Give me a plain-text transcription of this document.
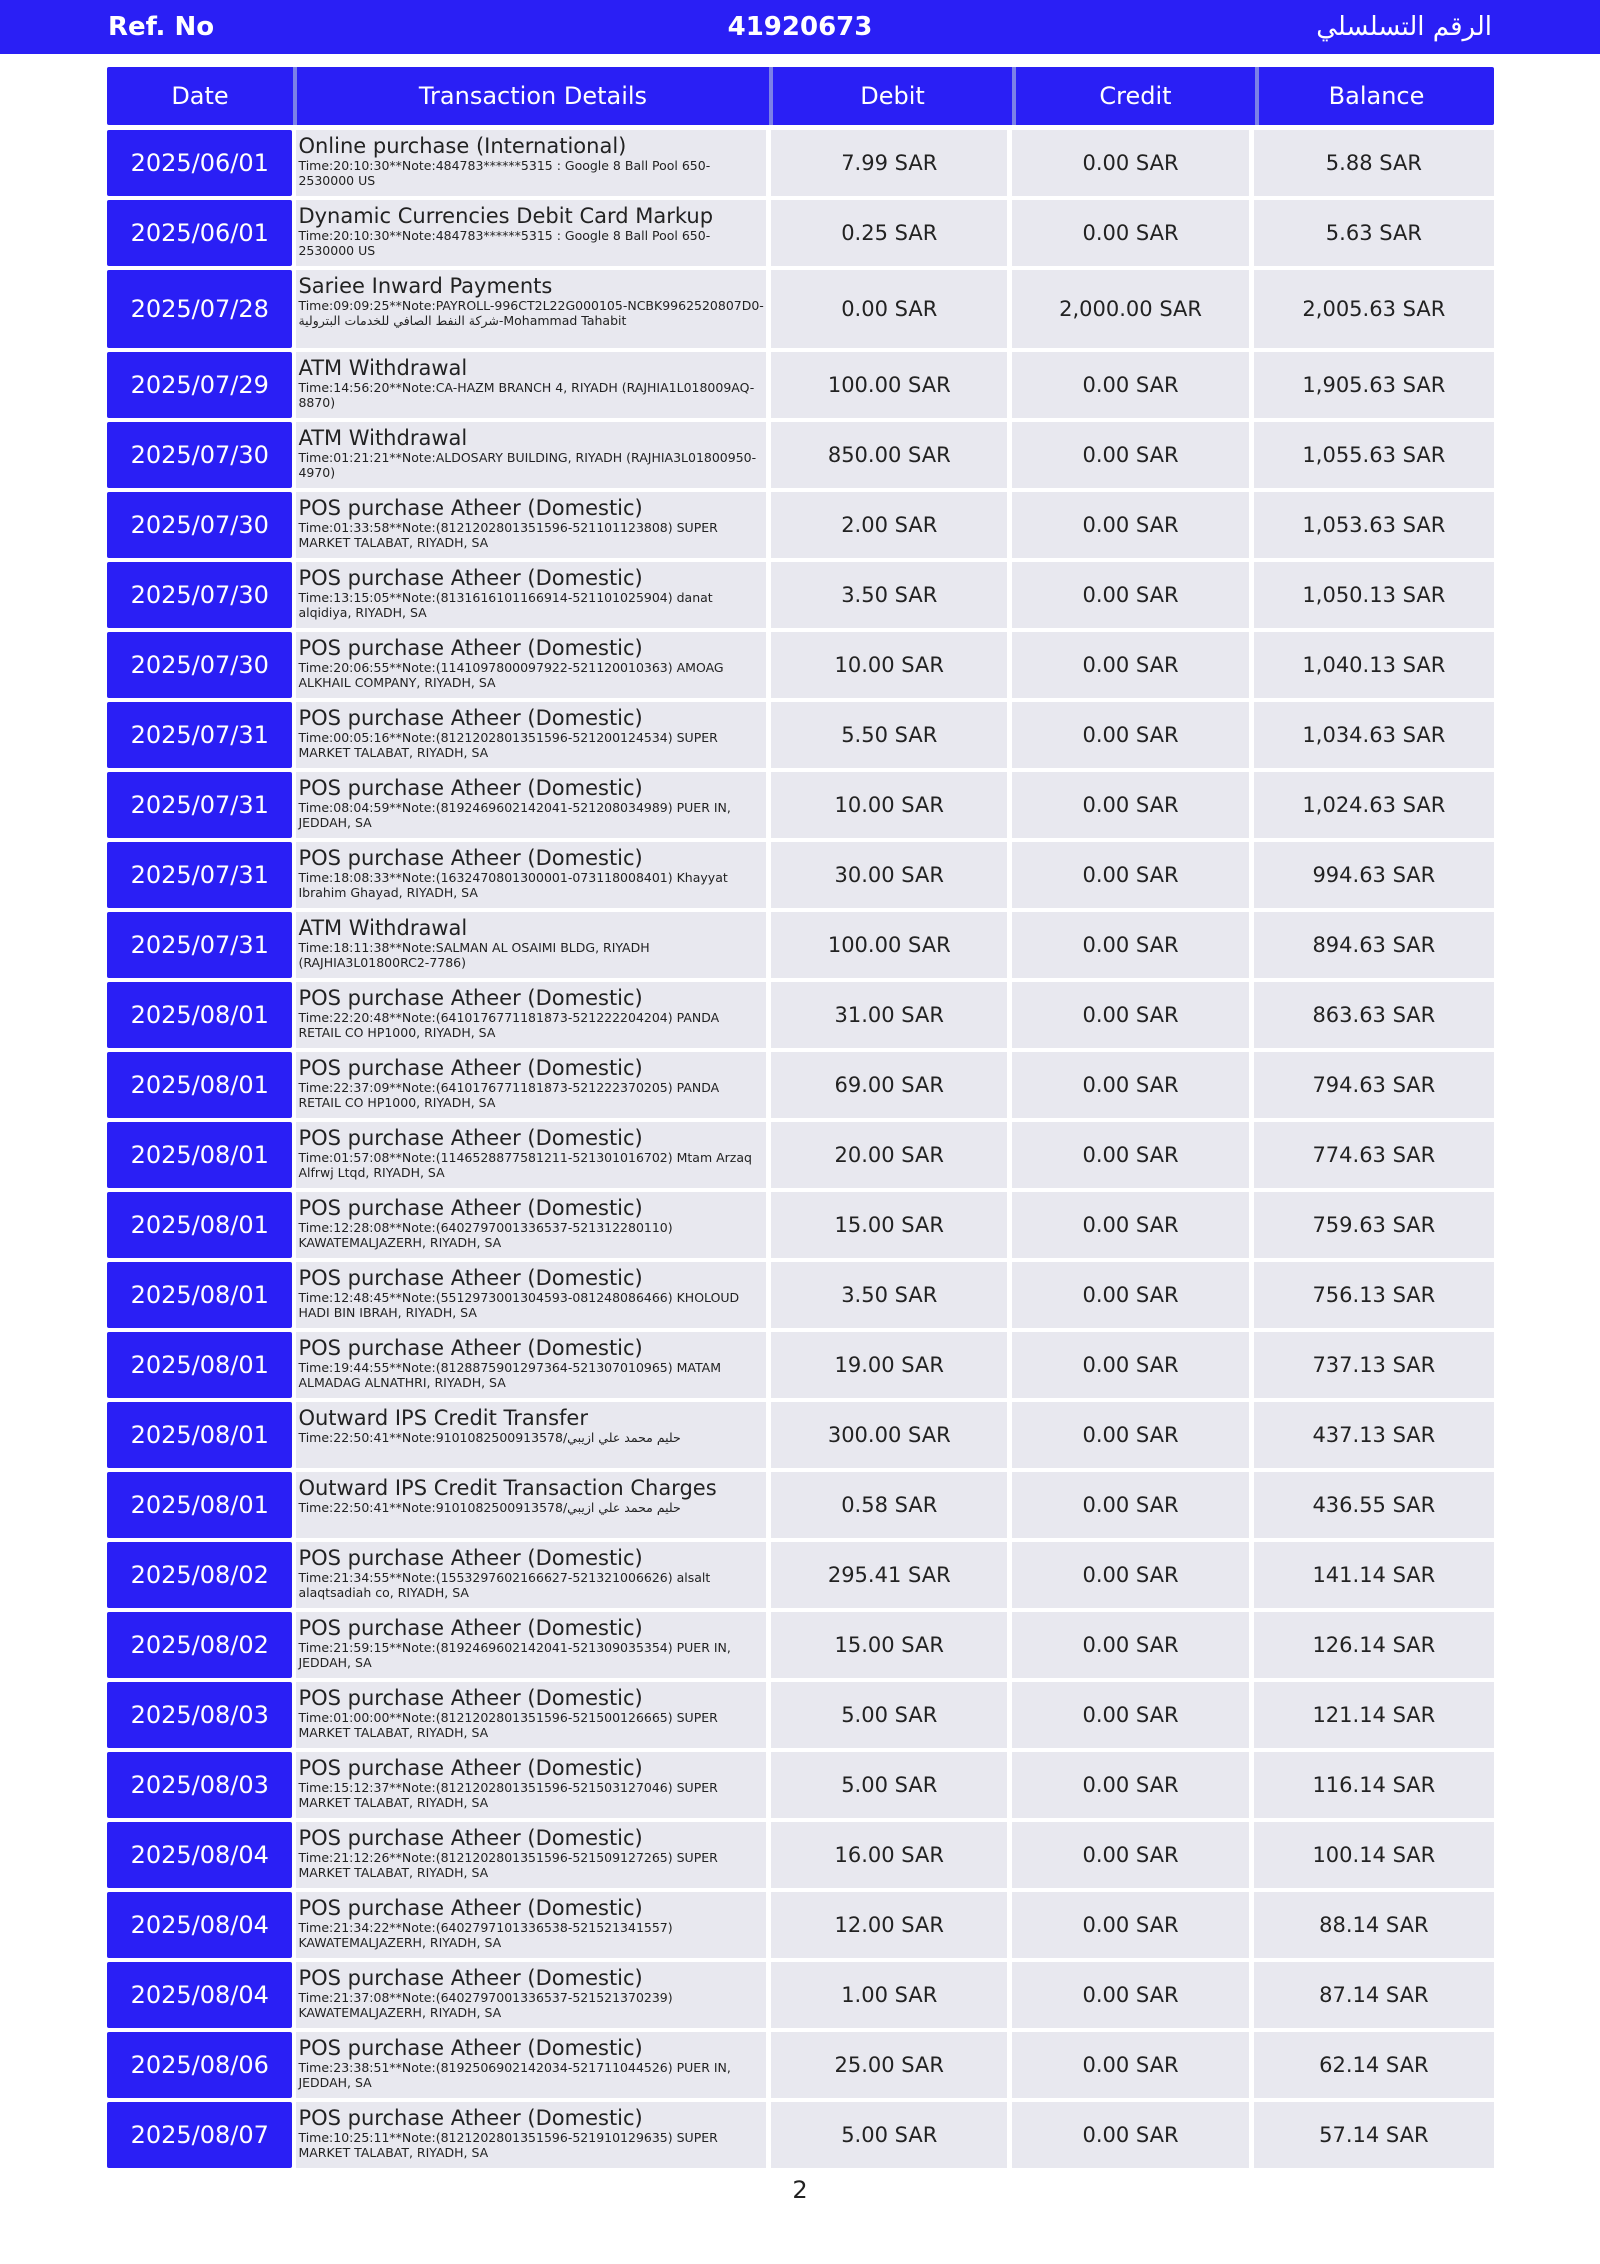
Ref. No	41920673	الرقم التسلسلي
Date	Transaction Details	Debit	Credit	Balance
2025/06/01
Online purchase (International)
Time:20:10:30**Note:484783******5315 : Google 8 Ball Pool 650-2530000 US
7.99 SAR	0.00 SAR	5.88 SAR
2025/06/01
Dynamic Currencies Debit Card Markup
Time:20:10:30**Note:484783******5315 : Google 8 Ball Pool 650-2530000 US
0.25 SAR	0.00 SAR	5.63 SAR
2025/07/28
Sariee Inward Payments
Time:09:09:25**Note:PAYROLL-996CT2L22G000105-NCBK9962520807D0-شركة النفط الصافي للخدمات البترولية-Mohammad Tahabit	0.00 SAR	2,000.00 SAR	2,005.63 SAR
2025/07/29
ATM Withdrawal
Time:14:56:20**Note:CA-HAZM BRANCH 4, RIYADH (RAJHIA1L018009AQ-8870)
100.00 SAR	0.00 SAR	1,905.63 SAR
2025/07/30
ATM Withdrawal
Time:01:21:21**Note:ALDOSARY BUILDING, RIYADH (RAJHIA3L01800950-4970)
850.00 SAR	0.00 SAR	1,055.63 SAR
2025/07/30
POS purchase Atheer (Domestic)
Time:01:33:58**Note:(8121202801351596-521101123808) SUPER MARKET TALABAT, RIYADH, SA
2.00 SAR	0.00 SAR	1,053.63 SAR
2025/07/30
POS purchase Atheer (Domestic)
Time:13:15:05**Note:(8131616101166914-521101025904) danat alqidiya, RIYADH, SA
3.50 SAR	0.00 SAR	1,050.13 SAR
2025/07/30
POS purchase Atheer (Domestic)
Time:20:06:55**Note:(1141097800097922-521120010363) AMOAG ALKHAIL COMPANY, RIYADH, SA
10.00 SAR	0.00 SAR	1,040.13 SAR
2025/07/31
POS purchase Atheer (Domestic)
Time:00:05:16**Note:(8121202801351596-521200124534) SUPER MARKET TALABAT, RIYADH, SA
5.50 SAR	0.00 SAR	1,034.63 SAR
2025/07/31
POS purchase Atheer (Domestic)
Time:08:04:59**Note:(8192469602142041-521208034989) PUER IN, JEDDAH, SA
10.00 SAR	0.00 SAR	1,024.63 SAR
2025/07/31
POS purchase Atheer (Domestic)
Time:18:08:33**Note:(1632470801300001-073118008401) Khayyat Ibrahim Ghayad, RIYADH, SA
30.00 SAR	0.00 SAR	994.63 SAR
2025/07/31
ATM Withdrawal
Time:18:11:38**Note:SALMAN AL OSAIMI BLDG, RIYADH (RAJHIA3L01800RC2-7786)
100.00 SAR	0.00 SAR	894.63 SAR
2025/08/01
POS purchase Atheer (Domestic)
Time:22:20:48**Note:(6410176771181873-521222204204) PANDA RETAIL CO HP1000, RIYADH, SA
31.00 SAR	0.00 SAR	863.63 SAR
2025/08/01
POS purchase Atheer (Domestic)
Time:22:37:09**Note:(6410176771181873-521222370205) PANDA RETAIL CO HP1000, RIYADH, SA
69.00 SAR	0.00 SAR	794.63 SAR
2025/08/01
POS purchase Atheer (Domestic)
Time:01:57:08**Note:(1146528877581211-521301016702) Mtam Arzaq Alfrwj Ltqd, RIYADH, SA
20.00 SAR	0.00 SAR	774.63 SAR
2025/08/01
POS purchase Atheer (Domestic)
Time:12:28:08**Note:(6402797001336537-521312280110) KAWATEMALJAZERH, RIYADH, SA
15.00 SAR	0.00 SAR	759.63 SAR
2025/08/01
POS purchase Atheer (Domestic)
Time:12:48:45**Note:(5512973001304593-081248086466) KHOLOUD HADI BIN IBRAH, RIYADH, SA
3.50 SAR	0.00 SAR	756.13 SAR
2025/08/01
POS purchase Atheer (Domestic)
Time:19:44:55**Note:(8128875901297364-521307010965) MATAM ALMADAG ALNATHRI, RIYADH, SA
19.00 SAR	0.00 SAR	737.13 SAR
2025/08/01
Outward IPS Credit Transfer
Time:22:50:41**Note:9101082500913578/حليم محمد علي ازيبي	300.00 SAR	0.00 SAR	437.13 SAR
2025/08/01
Outward IPS Credit Transaction Charges
Time:22:50:41**Note:9101082500913578/حليم محمد علي ازيبي	0.58 SAR	0.00 SAR	436.55 SAR
2025/08/02
POS purchase Atheer (Domestic)
Time:21:34:55**Note:(1553297602166627-521321006626) alsalt alaqtsadiah co, RIYADH, SA
295.41 SAR	0.00 SAR	141.14 SAR
2025/08/02
POS purchase Atheer (Domestic)
Time:21:59:15**Note:(8192469602142041-521309035354) PUER IN, JEDDAH, SA
15.00 SAR	0.00 SAR	126.14 SAR
2025/08/03
POS purchase Atheer (Domestic)
Time:01:00:00**Note:(8121202801351596-521500126665) SUPER MARKET TALABAT, RIYADH, SA
5.00 SAR	0.00 SAR	121.14 SAR
2025/08/03
POS purchase Atheer (Domestic)
Time:15:12:37**Note:(8121202801351596-521503127046) SUPER MARKET TALABAT, RIYADH, SA
5.00 SAR	0.00 SAR	116.14 SAR
2025/08/04
POS purchase Atheer (Domestic)
Time:21:12:26**Note:(8121202801351596-521509127265) SUPER MARKET TALABAT, RIYADH, SA
16.00 SAR	0.00 SAR	100.14 SAR
2025/08/04
POS purchase Atheer (Domestic)
Time:21:34:22**Note:(6402797101336538-521521341557) KAWATEMALJAZERH, RIYADH, SA
12.00 SAR	0.00 SAR	88.14 SAR
2025/08/04
POS purchase Atheer (Domestic)
Time:21:37:08**Note:(6402797001336537-521521370239) KAWATEMALJAZERH, RIYADH, SA
1.00 SAR	0.00 SAR	87.14 SAR
2025/08/06
POS purchase Atheer (Domestic)
Time:23:38:51**Note:(8192506902142034-521711044526) PUER IN, JEDDAH, SA
25.00 SAR	0.00 SAR	62.14 SAR
2025/08/07
POS purchase Atheer (Domestic)
Time:10:25:11**Note:(8121202801351596-521910129635) SUPER MARKET TALABAT, RIYADH, SA
5.00 SAR	0.00 SAR	57.14 SAR
2
